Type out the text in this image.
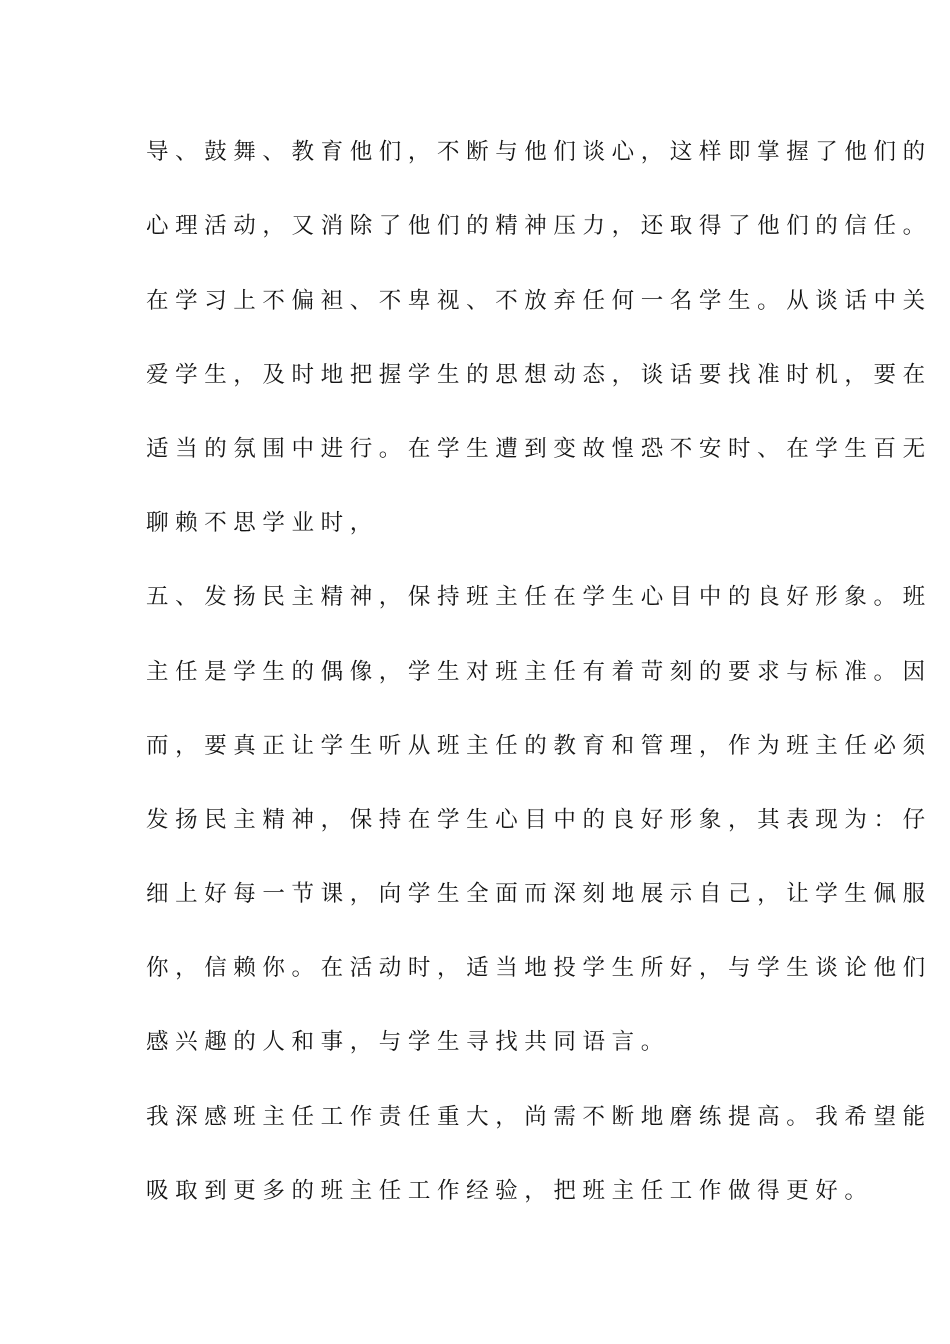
导、鼓舞、教育他们，不断与他们谈心，这样即掌握了他们的
心理活动，又消除了他们的精神压力，还取得了他们的信任。
在学习上不偏袒、不卑视、不放弃任何一名学生。从谈话中关
爱学生，及时地把握学生的思想动态，谈话要找准时机，要在
适当的氛围中进行。在学生遭到变故惶恐不安时、在学生百无
聊赖不思学业时，
五、发扬民主精神，保持班主任在学生心目中的良好形象。班
主任是学生的偶像，学生对班主任有着苛刻的要求与标准。因
而，要真正让学生听从班主任的教育和管理，作为班主任必须
发扬民主精神，保持在学生心目中的良好形象，其表现为：仔
细上好每一节课，向学生全面而深刻地展示自己，让学生佩服
你，信赖你。在活动时，适当地投学生所好，与学生谈论他们
感兴趣的人和事，与学生寻找共同语言。
我深感班主任工作责任重大，尚需不断地磨练提高。我希望能
吸取到更多的班主任工作经验，把班主任工作做得更好。
